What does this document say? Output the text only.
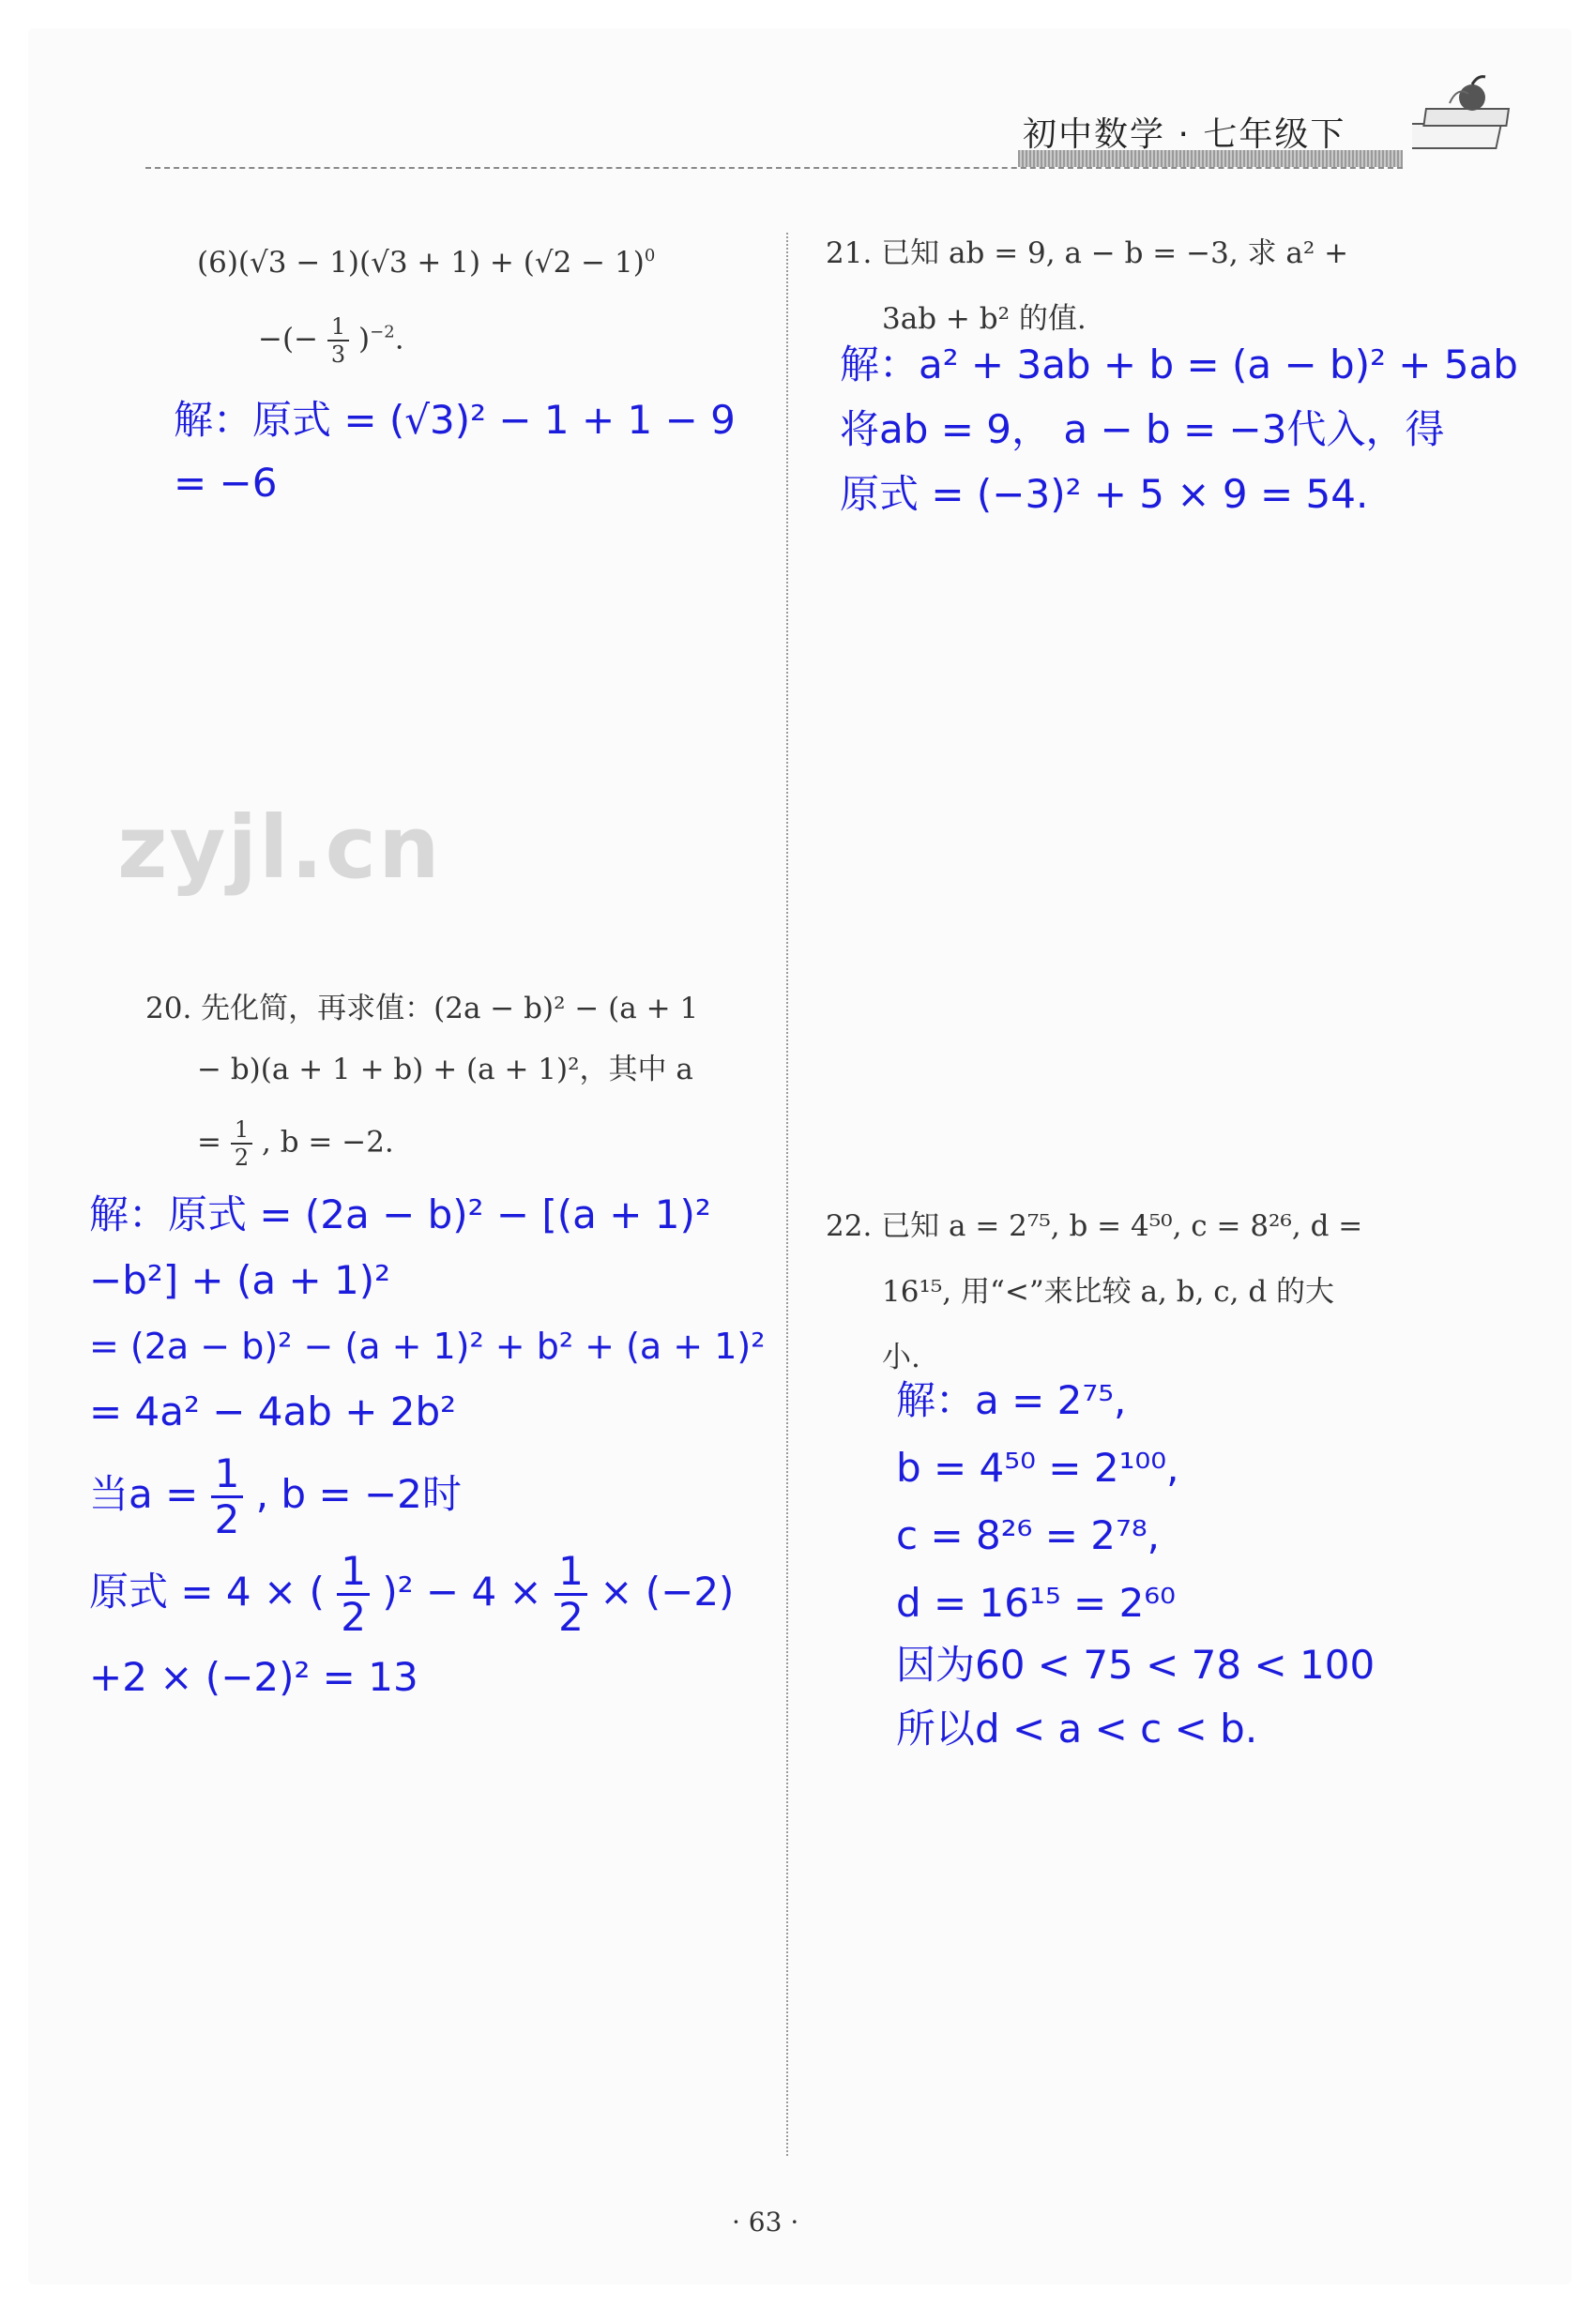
初中数学 · 七年级下
$(6)(√3 - 1)(√3 + 1) + (√2 - 1)^0$
−(− $\frac{1}{3} )^{-2}$.
解：原式 = (√3)² − 1 + 1 − 9
= −6
21. 已知 ab = 9, a − b = −3, 求 a² +
3ab + b² 的值.
解：a² + 3ab + b = (a − b)² + 5ab
将ab = 9， a − b = −3代入，得
原式 = (−3)² + 5 × 9 = 54.
zyjl.cn
20. 先化简，再求值：(2a − b)² − (a + 1
− b)(a + 1 + b) + (a + 1)²，其中 a
= $\frac{1}{2}$ , b = −2.
解：原式 = (2a − b)² − [(a + 1)²
−b²] + (a + 1)²
= (2a − b)² − (a + 1)² + b² + (a + 1)²
= 4a² − 4ab + 2b²
当$a = \frac{1}{2}$ , b = −2时
原式 = 4 × ( $\frac{1}{2} )^2 - 4 \times \frac{1}{2} \times (-2)$
+2 × (−2)² = 13
22. 已知 a = 2⁷⁵, b = 4⁵⁰, c = 8²⁶, d =
16¹⁵, 用“<”来比较 a, b, c, d 的大
小.
解：a = 2⁷⁵,
b = 4⁵⁰ = 2¹⁰⁰,
c = 8²⁶ = 2⁷⁸,
d = 16¹⁵ = 2⁶⁰
因为60 < 75 < 78 < 100
所以d < a < c < b.
· 63 ·
